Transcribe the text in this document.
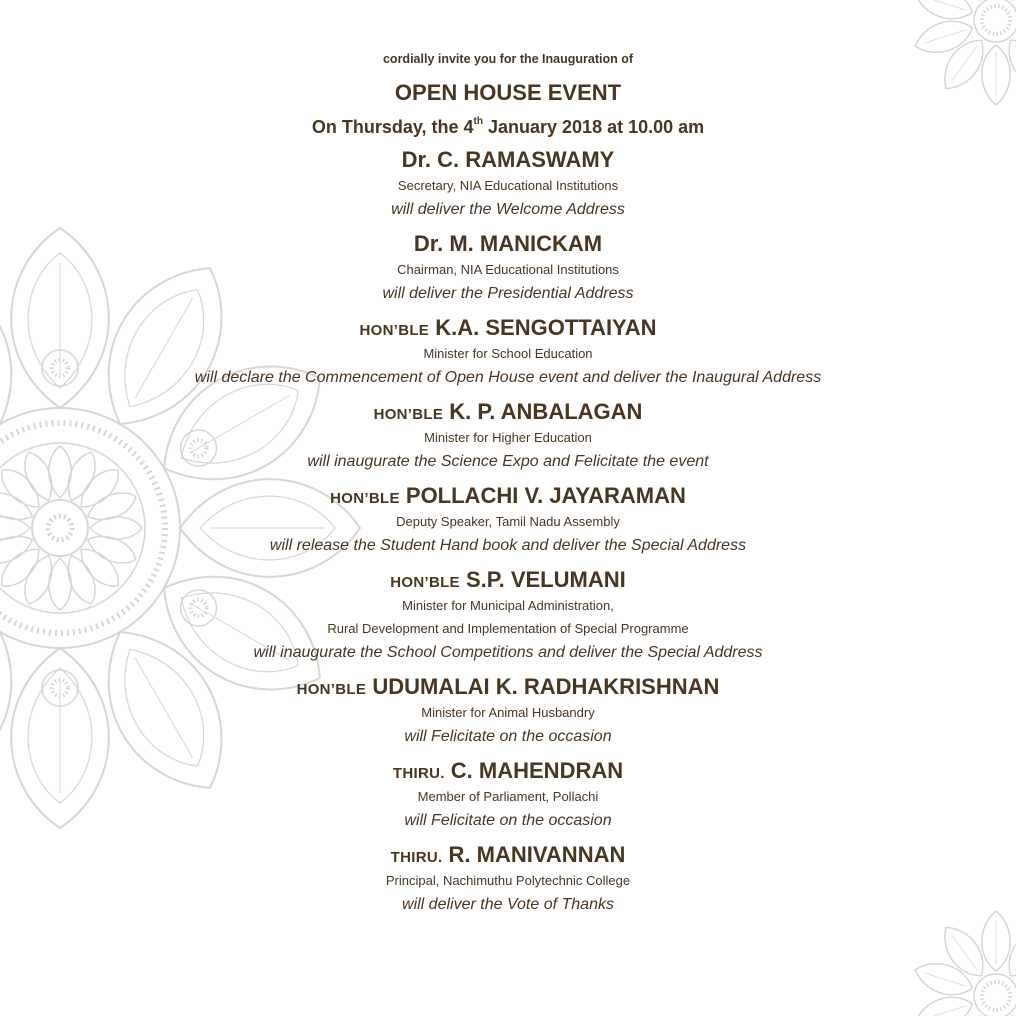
cordially invite you for the Inauguration of
OPEN HOUSE EVENT
On Thursday, the 4th January 2018 at 10.00 am
Dr. C. RAMASWAMY
Secretary, NIA Educational Institutions
will deliver the Welcome Address
Dr. M. MANICKAM
Chairman, NIA Educational Institutions
will deliver the Presidential Address
HON’BLE K.A. SENGOTTAIYAN
Minister for School Education
will declare the Commencement of Open House event and deliver the Inaugural Address
HON’BLE K. P. ANBALAGAN
Minister for Higher Education
will inaugurate the Science Expo and Felicitate the event
HON’BLE POLLACHI V. JAYARAMAN
Deputy Speaker, Tamil Nadu Assembly
will release the Student Hand book and deliver the Special Address
HON’BLE S.P. VELUMANI
Minister for Municipal Administration,
Rural Development and Implementation of Special Programme
will inaugurate the School Competitions and deliver the Special Address
HON’BLE UDUMALAI K. RADHAKRISHNAN
Minister for Animal Husbandry
will Felicitate on the occasion
THIRU. C. MAHENDRAN
Member of Parliament, Pollachi
will Felicitate on the occasion
THIRU. R. MANIVANNAN
Principal, Nachimuthu Polytechnic College
will deliver the Vote of Thanks
